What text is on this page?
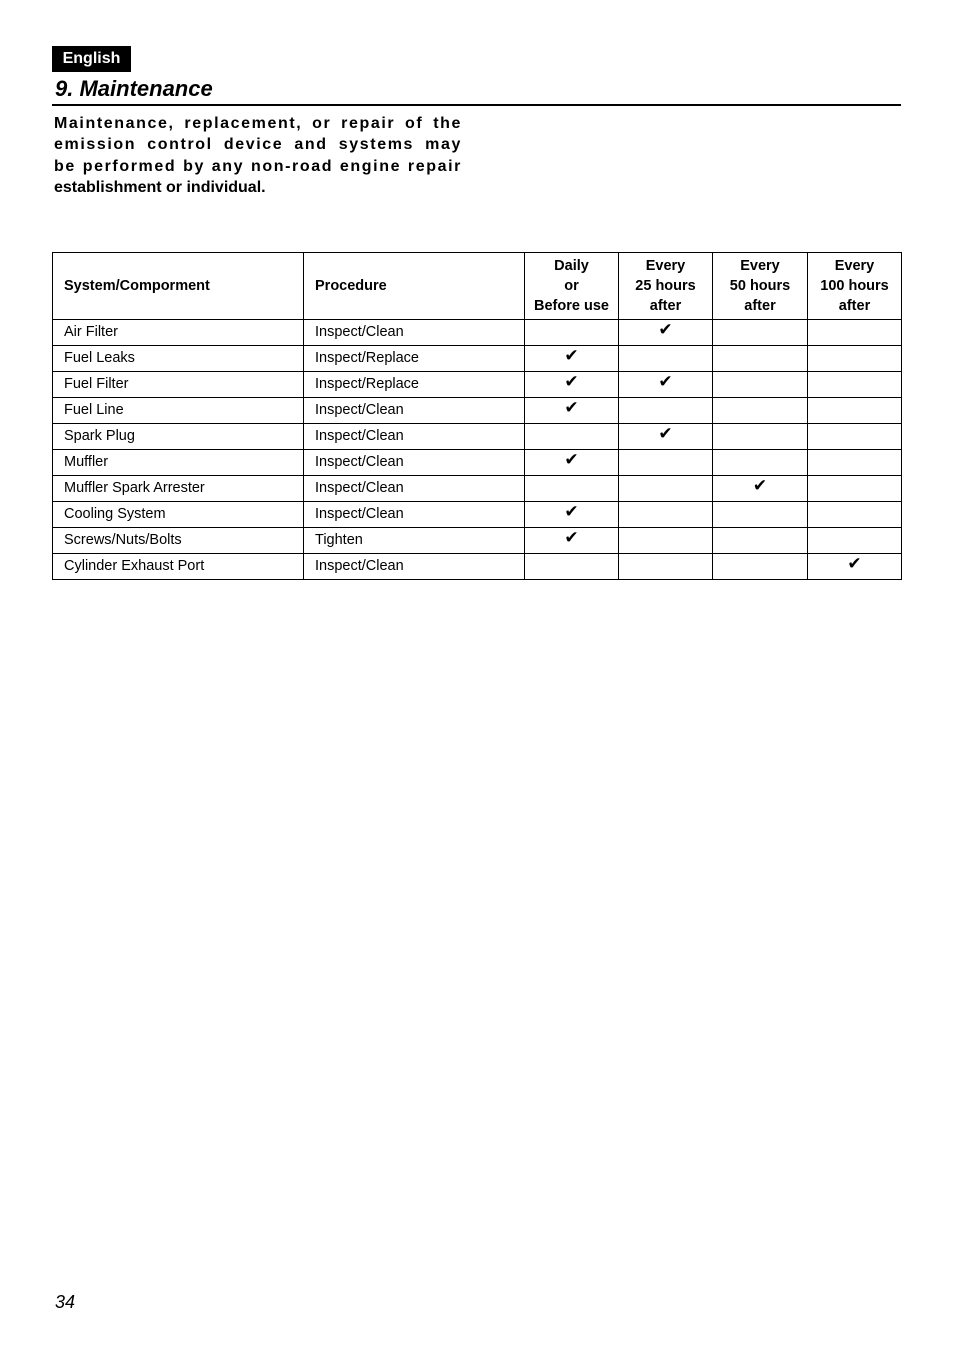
English
9. Maintenance

Maintenance, replacement, or repair of the emission control device and systems may be performed by any non-road engine repair establishment or individual.

System/Comporment	Procedure	Daily
or
Before use	Every
25 hours
after	Every
50 hours
after	Every
100 hours
after
Air Filter	Inspect/Clean		✔		
Fuel Leaks	Inspect/Replace	✔			
Fuel Filter	Inspect/Replace	✔	✔		
Fuel Line	Inspect/Clean	✔			
Spark Plug	Inspect/Clean		✔		
Muffler	Inspect/Clean	✔			
Muffler Spark Arrester	Inspect/Clean			✔	
Cooling System	Inspect/Clean	✔			
Screws/Nuts/Bolts	Tighten	✔			
Cylinder Exhaust Port	Inspect/Clean				✔
34
